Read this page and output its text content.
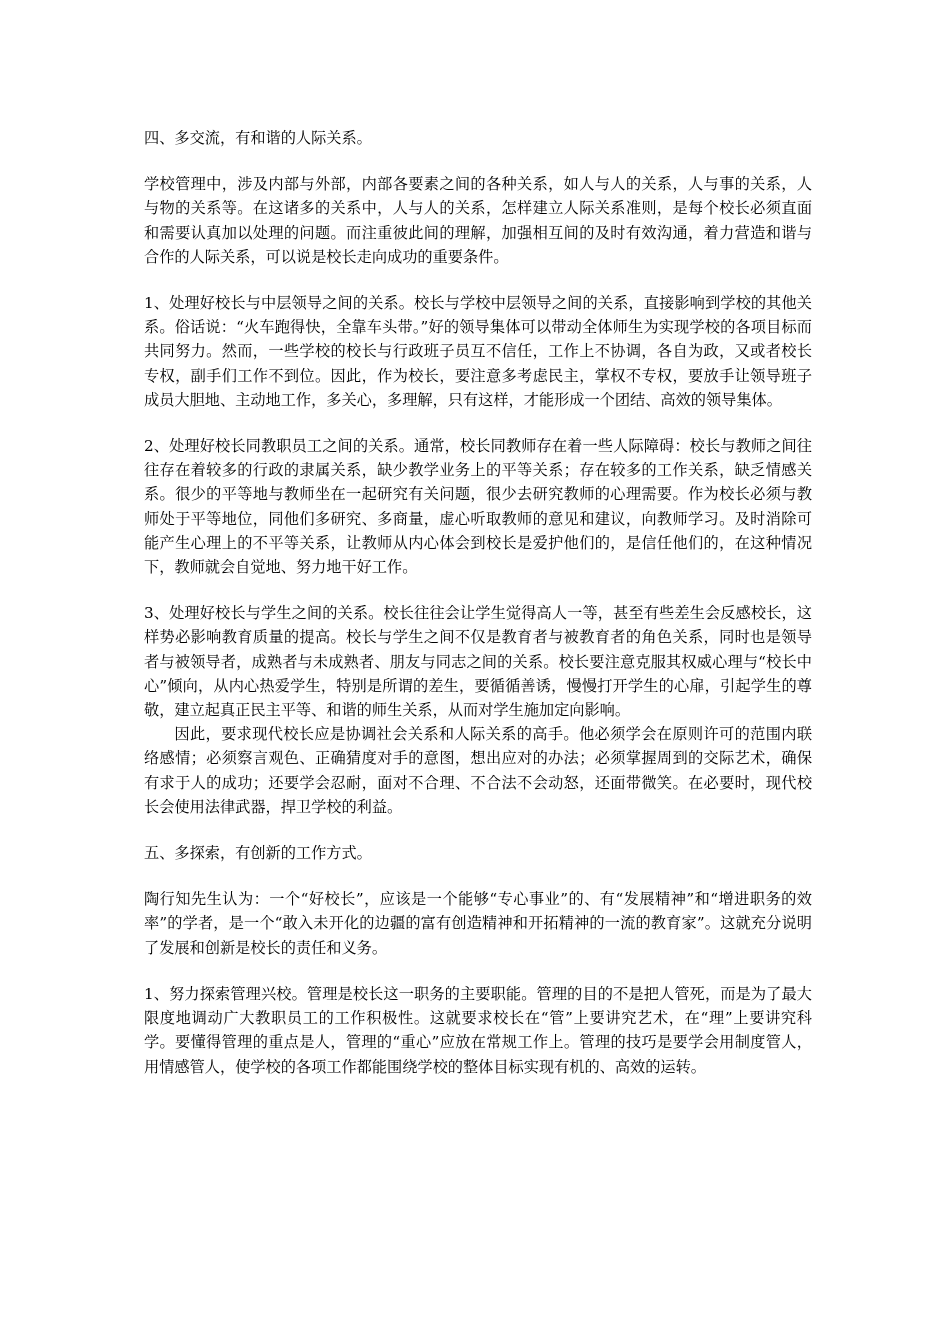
四、多交流，有和谐的人际关系。

学校管理中，涉及内部与外部，内部各要素之间的各种关系，如人与人的关系，人与事的关系，人与物的关系等。在这诸多的关系中，人与人的关系，怎样建立人际关系准则，是每个校长必须直面和需要认真加以处理的问题。而注重彼此间的理解，加强相互间的及时有效沟通，着力营造和谐与合作的人际关系，可以说是校长走向成功的重要条件。

1、处理好校长与中层领导之间的关系。校长与学校中层领导之间的关系，直接影响到学校的其他关系。俗话说：“火车跑得快，全靠车头带。”好的领导集体可以带动全体师生为实现学校的各项目标而共同努力。然而，一些学校的校长与行政班子员互不信任，工作上不协调，各自为政，又或者校长专权，副手们工作不到位。因此，作为校长，要注意多考虑民主，掌权不专权，要放手让领导班子成员大胆地、主动地工作，多关心，多理解，只有这样，才能形成一个团结、高效的领导集体。

2、处理好校长同教职员工之间的关系。通常，校长同教师存在着一些人际障碍：校长与教师之间往往存在着较多的行政的隶属关系，缺少教学业务上的平等关系；存在较多的工作关系，缺乏情感关系。很少的平等地与教师坐在一起研究有关问题，很少去研究教师的心理需要。作为校长必须与教师处于平等地位，同他们多研究、多商量，虚心听取教师的意见和建议，向教师学习。及时消除可能产生心理上的不平等关系，让教师从内心体会到校长是爱护他们的，是信任他们的，在这种情况下，教师就会自觉地、努力地干好工作。

3、处理好校长与学生之间的关系。校长往往会让学生觉得高人一等，甚至有些差生会反感校长，这样势必影响教育质量的提高。校长与学生之间不仅是教育者与被教育者的角色关系，同时也是领导者与被领导者，成熟者与未成熟者、朋友与同志之间的关系。校长要注意克服其权威心理与“校长中心”倾向，从内心热爱学生，特别是所谓的差生，要循循善诱，慢慢打开学生的心扉，引起学生的尊敬，建立起真正民主平等、和谐的师生关系，从而对学生施加定向影响。

因此，要求现代校长应是协调社会关系和人际关系的高手。他必须学会在原则许可的范围内联络感情；必须察言观色、正确猜度对手的意图，想出应对的办法；必须掌握周到的交际艺术，确保有求于人的成功；还要学会忍耐，面对不合理、不合法不会动怒，还面带微笑。在必要时，现代校长会使用法律武器，捍卫学校的利益。

五、多探索，有创新的工作方式。

陶行知先生认为：一个“好校长”，应该是一个能够“专心事业”的、有“发展精神”和“增进职务的效率”的学者，是一个“敢入未开化的边疆的富有创造精神和开拓精神的一流的教育家”。这就充分说明了发展和创新是校长的责任和义务。

1、努力探索管理兴校。管理是校长这一职务的主要职能。管理的目的不是把人管死，而是为了最大限度地调动广大教职员工的工作积极性。这就要求校长在“管”上要讲究艺术，在“理”上要讲究科学。要懂得管理的重点是人，管理的“重心”应放在常规工作上。管理的技巧是要学会用制度管人，用情感管人，使学校的各项工作都能围绕学校的整体目标实现有机的、高效的运转。
